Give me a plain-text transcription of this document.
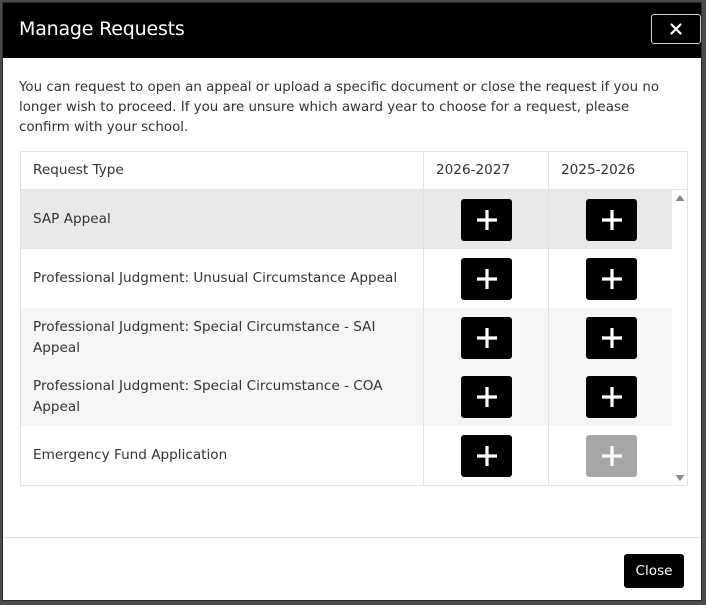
Manage Requests
You can request to open an appeal or upload a specific document or close the request if you no longer wish to proceed. If you are unsure which award year to choose for a request, please confirm with your school.
Request Type	2026-2027	2025-2026
SAP Appeal
Professional Judgment: Unusual Circumstance Appeal
Professional Judgment: Special Circumstance - SAI Appeal
Professional Judgment: Special Circumstance - COA Appeal
Emergency Fund Application
Close
